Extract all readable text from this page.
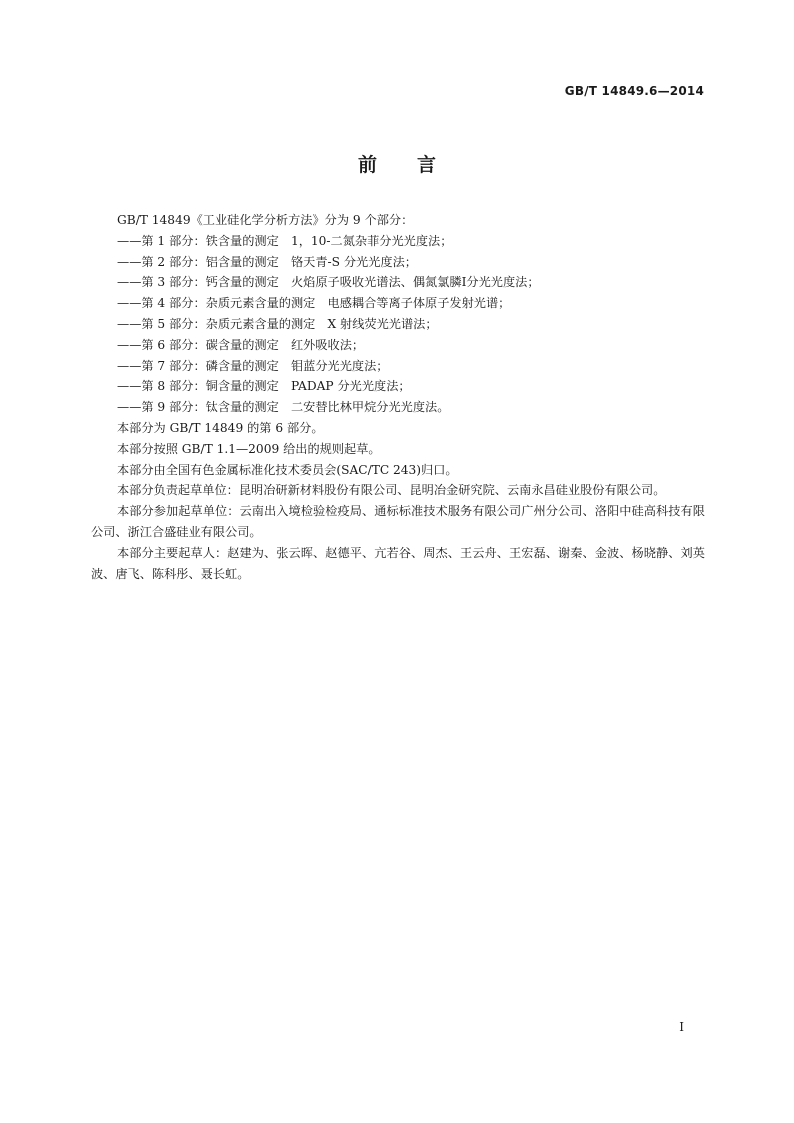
GB/T 14849.6—2014
前言

GB/T 14849《工业硅化学分析方法》分为 9 个部分：

——第 1 部分：铁含量的测定　1，10-二氮杂菲分光光度法；

——第 2 部分：铝含量的测定　铬天青-S 分光光度法；

——第 3 部分：钙含量的测定　火焰原子吸收光谱法、偶氮氯膦Ⅰ分光光度法；

——第 4 部分：杂质元素含量的测定　电感耦合等离子体原子发射光谱；

——第 5 部分：杂质元素含量的测定　X 射线荧光光谱法；

——第 6 部分：碳含量的测定　红外吸收法；

——第 7 部分：磷含量的测定　钼蓝分光光度法；

——第 8 部分：铜含量的测定　PADAP 分光光度法；

——第 9 部分：钛含量的测定　二安替比林甲烷分光光度法。

本部分为 GB/T 14849 的第 6 部分。

本部分按照 GB/T 1.1—2009 给出的规则起草。

本部分由全国有色金属标准化技术委员会(SAC/TC 243)归口。

本部分负责起草单位：昆明冶研新材料股份有限公司、昆明冶金研究院、云南永昌硅业股份有限公司。

本部分参加起草单位：云南出入境检验检疫局、通标标准技术服务有限公司广州分公司、洛阳中硅高科技有限公司、浙江合盛硅业有限公司。

本部分主要起草人：赵建为、张云晖、赵德平、亢若谷、周杰、王云舟、王宏磊、谢秦、金波、杨晓静、刘英波、唐飞、陈科彤、聂长虹。

Ⅰ
